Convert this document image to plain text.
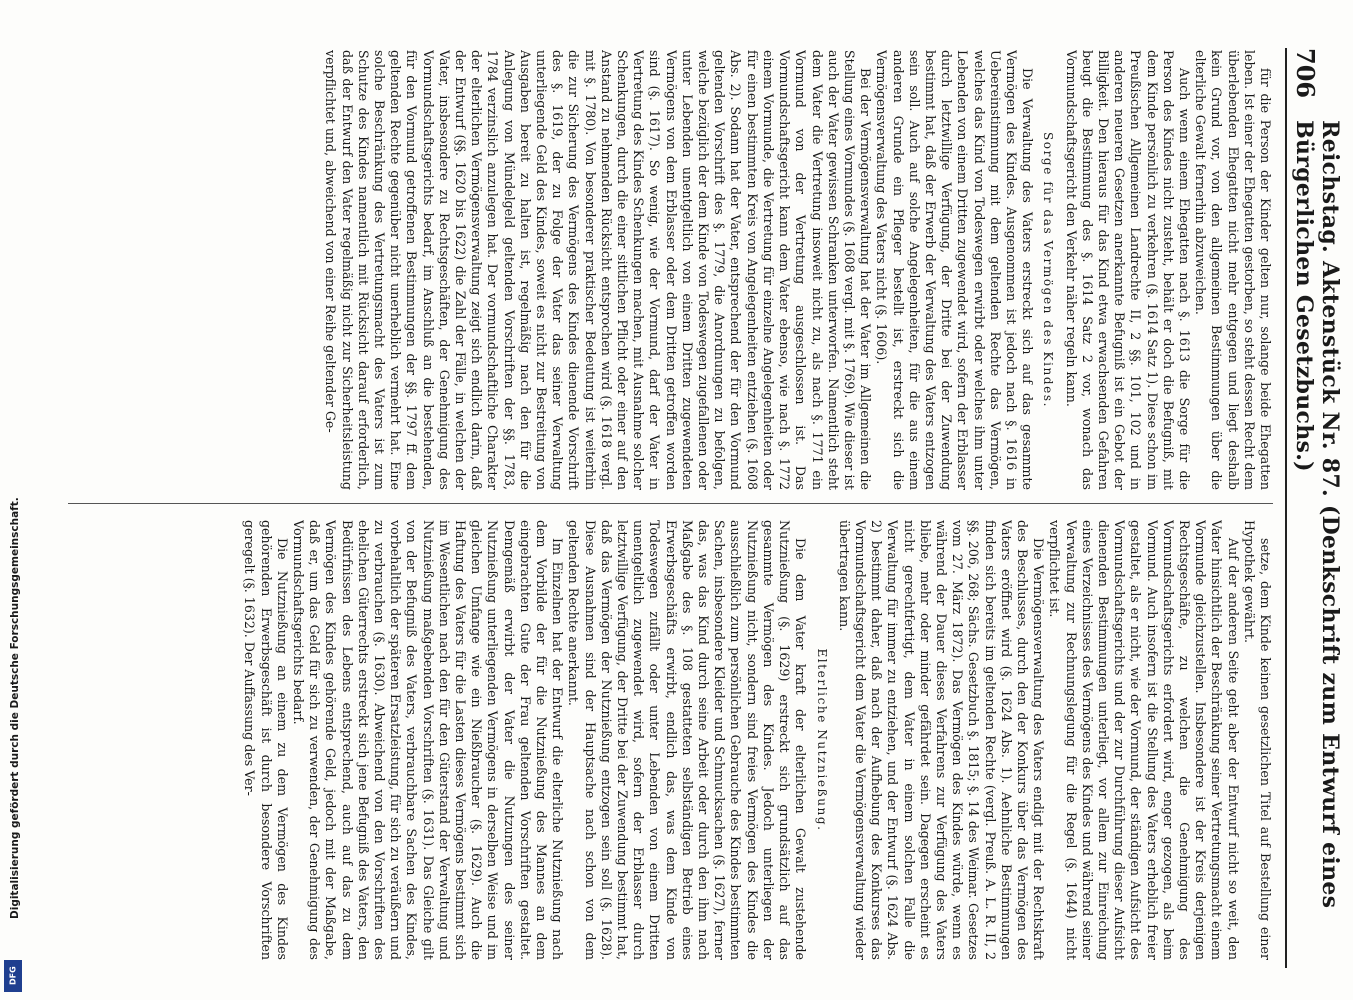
706
Reichstag. Aktenstück Nr. 87. (Denkschrift zum Entwurf eines Bürgerlichen Gesetzbuchs.)

für die Person der Kinder gelten nur, solange beide Ehegatten leben. Ist einer der Ehegatten gestorben, so steht dessen Recht dem überlebenden Ehegatten nicht mehr entgegen und liegt deshalb kein Grund vor, von den allgemeinen Bestimmungen über die elterliche Gewalt fernerhin abzuweichen.

Auch wenn einem Ehegatten nach §. 1613 die Sorge für die Person des Kindes nicht zusteht, behält er doch die Befugniß, mit dem Kinde persönlich zu verkehren (§. 1614 Satz 1). Diese schon im Preußischen Allgemeinen Landrechte II, 2 §§. 101, 102 und in anderen neueren Gesetzen anerkannte Befugniß ist ein Gebot der Billigkeit. Den hieraus für das Kind etwa erwachsenden Gefahren beugt die Bestimmung des §. 1614 Satz 2 vor, wonach das Vormundschaftsgericht den Verkehr näher regeln kann.

Sorge für das Vermögen des Kindes.

Die Verwaltung des Vaters erstreckt sich auf das gesammte Vermögen des Kindes. Ausgenommen ist jedoch nach §. 1616 in Uebereinstimmung mit dem geltenden Rechte das Vermögen, welches das Kind von Todeswegen erwirbt oder welches ihm unter Lebenden von einem Dritten zugewendet wird, sofern der Erblasser durch letztwillige Verfügung, der Dritte bei der Zuwendung bestimmt hat, daß der Erwerb der Verwaltung des Vaters entzogen sein soll. Auch auf solche Angelegenheiten, für die aus einem anderen Grunde ein Pfleger bestellt ist, erstreckt sich die Vermögensverwaltung des Vaters nicht (§. 1606).

Bei der Vermögensverwaltung hat der Vater im Allgemeinen die Stellung eines Vormundes (§. 1608 vergl. mit §. 1769). Wie dieser ist auch der Vater gewissen Schranken unterworfen. Namentlich steht dem Vater die Vertretung insoweit nicht zu, als nach §. 1771 ein Vormund von der Vertretung ausgeschlossen ist. Das Vormundschaftsgericht kann dem Vater ebenso, wie nach §. 1772 einem Vormunde, die Vertretung für einzelne Angelegenheiten oder für einen bestimmten Kreis von Angelegenheiten entziehen (§. 1608 Abs. 2). Sodann hat der Vater, entsprechend der für den Vormund geltenden Vorschrift des §. 1779, die Anordnungen zu befolgen, welche bezüglich der dem Kinde von Todeswegen zugefallenen oder unter Lebenden unentgeltlich von einem Dritten zugewendeten Vermögens von dem Erblasser oder dem Dritten getroffen worden sind (§. 1617). So wenig, wie der Vormund, darf der Vater in Vertretung des Kindes Schenkungen machen, mit Ausnahme solcher Schenkungen, durch die einer sittlichen Pflicht oder einer auf den Anstand zu nehmenden Rücksicht entsprochen wird (§. 1618 vergl. mit §. 1780). Von besonderer praktischer Bedeutung ist weiterhin die zur Sicherung des Vermögens des Kindes dienende Vorschrift des §. 1619, der zu Folge der Vater das seiner Verwaltung unterliegende Geld des Kindes, soweit es nicht zur Bestreitung von Ausgaben bereit zu halten ist, regelmäßig nach den für die Anlegung von Mündelgeld geltenden Vorschriften der §§. 1783, 1784 verzinslich anzulegen hat. Der vormundschaftliche Charakter der elterlichen Vermögensverwaltung zeigt sich endlich darin, daß der Entwurf (§§. 1620 bis 1622) die Zahl der Fälle, in welchen der Vater, insbesondere zu Rechtsgeschäften, der Genehmigung des Vormundschaftsgerichts bedarf, im Anschluß an die bestehenden, für den Vormund getroffenen Bestimmungen der §§. 1797 ff. dem geltenden Rechte gegenüber nicht unerheblich vermehrt hat. Eine solche Beschränkung des Vertretungsmacht des Vaters ist zum Schutze des Kindes namentlich mit Rücksicht darauf erforderlich, daß der Entwurf den Vater regelmäßig nicht zur Sicherheitsleistung verpflichtet und, abweichend von einer Reihe geltender Ge-

setze, dem Kinde keinen gesetzlichen Titel auf Bestellung einer Hypothek gewährt.

Auf der anderen Seite geht aber der Entwurf nicht so weit, den Vater hinsichtlich der Beschränkung seiner Vertretungsmacht einem Vormunde gleichzustellen. Insbesondere ist der Kreis derjenigen Rechtsgeschäfte, zu welchen die Genehmigung des Vormundschaftsgerichts erfordert wird, enger gezogen, als beim Vormund. Auch insofern ist die Stellung des Vaters erheblich freier gestaltet, als er nicht, wie der Vormund, der ständigen Aufsicht des Vormundschaftsgerichts und der zur Durchführung dieser Aufsicht dienenden Bestimmungen unterliegt, vor allem zur Einreichung eines Verzeichnisses des Vermögens des Kindes und während seiner Verwaltung zur Rechnungslegung für die Regel (§. 1644) nicht verpflichtet ist.

Die Vermögensverwaltung des Vaters endigt mit der Rechtskraft des Beschlusses, durch den der Konkurs über das Vermögen des Vaters eröffnet wird (§. 1624 Abs. 1). Aehnliche Bestimmungen finden sich bereits im geltenden Rechte (vergl. Preuß. A. L. R. II, 2 §§. 206, 268; Sächs. Gesetzbuch §. 1815; §. 14 des Weimar. Gesetzes vom 27. März 1872). Das Vermögen des Kindes würde, wenn es während der Dauer dieses Verfahrens zur Verfügung des Vaters bliebe, mehr oder minder gefährdet sein. Dagegen erscheint es nicht gerechtfertigt, dem Vater in einem solchen Falle die Verwaltung für immer zu entziehen, und der Entwurf (§. 1624 Abs. 2) bestimmt daher, daß nach der Aufhebung des Konkurses das Vormundschaftsgericht dem Vater die Vermögensverwaltung wieder übertragen kann.

Elterliche Nutznießung.

Die dem Vater kraft der elterlichen Gewalt zustehende Nutznießung (§. 1629) erstreckt sich grundsätzlich auf das gesammte Vermögen des Kindes. Jedoch unterliegen der Nutznießung nicht, sondern sind freies Vermögen des Kindes die ausschließlich zum persönlichen Gebrauche des Kindes bestimmten Sachen, insbesondere Kleider und Schmucksachen (§. 1627), ferner das, was das Kind durch seine Arbeit oder durch den ihm nach Maßgabe des §. 108 gestatteten selbständigen Betrieb eines Erwerbsgeschäfts erwirbt, endlich das, was dem Kinde von Todeswegen zufällt oder unter Lebenden von einem Dritten unentgeltlich zugewendet wird, sofern der Erblasser durch letztwillige Verfügung, der Dritte bei der Zuwendung bestimmt hat, daß das Vermögen der Nutznießung entzogen sein soll (§. 1628). Diese Ausnahmen sind der Hauptsache nach schon von dem geltenden Rechte anerkannt.

Im Einzelnen hat der Entwurf die elterliche Nutznießung nach dem Vorbilde der für die Nutznießung des Mannes an dem eingebrachten Gute der Frau geltenden Vorschriften gestaltet. Demgemäß erwirbt der Vater die Nutzungen des seiner Nutznießung unterliegenden Vermögens in derselben Weise und im gleichen Umfange wie ein Nießbraucher (§. 1629). Auch die Haftung des Vaters für die Lasten dieses Vermögens bestimmt sich im Wesentlichen nach den für den Güterstand der Verwaltung und Nutznießung maßgebenden Vorschriften (§. 1631). Das Gleiche gilt von der Befugniß des Vaters, verbrauchbare Sachen des Kindes, vorbehaltlich der späteren Ersatzleistung, für sich zu veräußern und zu verbrauchen (§. 1630). Abweichend von den Vorschriften des ehelichen Güterrechts erstreckt sich jene Befugniß des Vaters, den Bedürfnissen des Lebens entsprechend, auch auf das zu dem Vermögen des Kindes gehörende Geld, jedoch mit der Maßgabe, daß er, um das Geld für sich zu verwenden, der Genehmigung des Vormundschaftsgerichts bedarf.

Die Nutznießung an einem zu dem Vermögen des Kindes gehörenden Erwerbsgeschäft ist durch besondere Vorschriften geregelt (§. 1632). Der Auffassung des Ver-

Digitalisierung gefördert durch die Deutsche Forschungsgemeinschaft.
DFG
